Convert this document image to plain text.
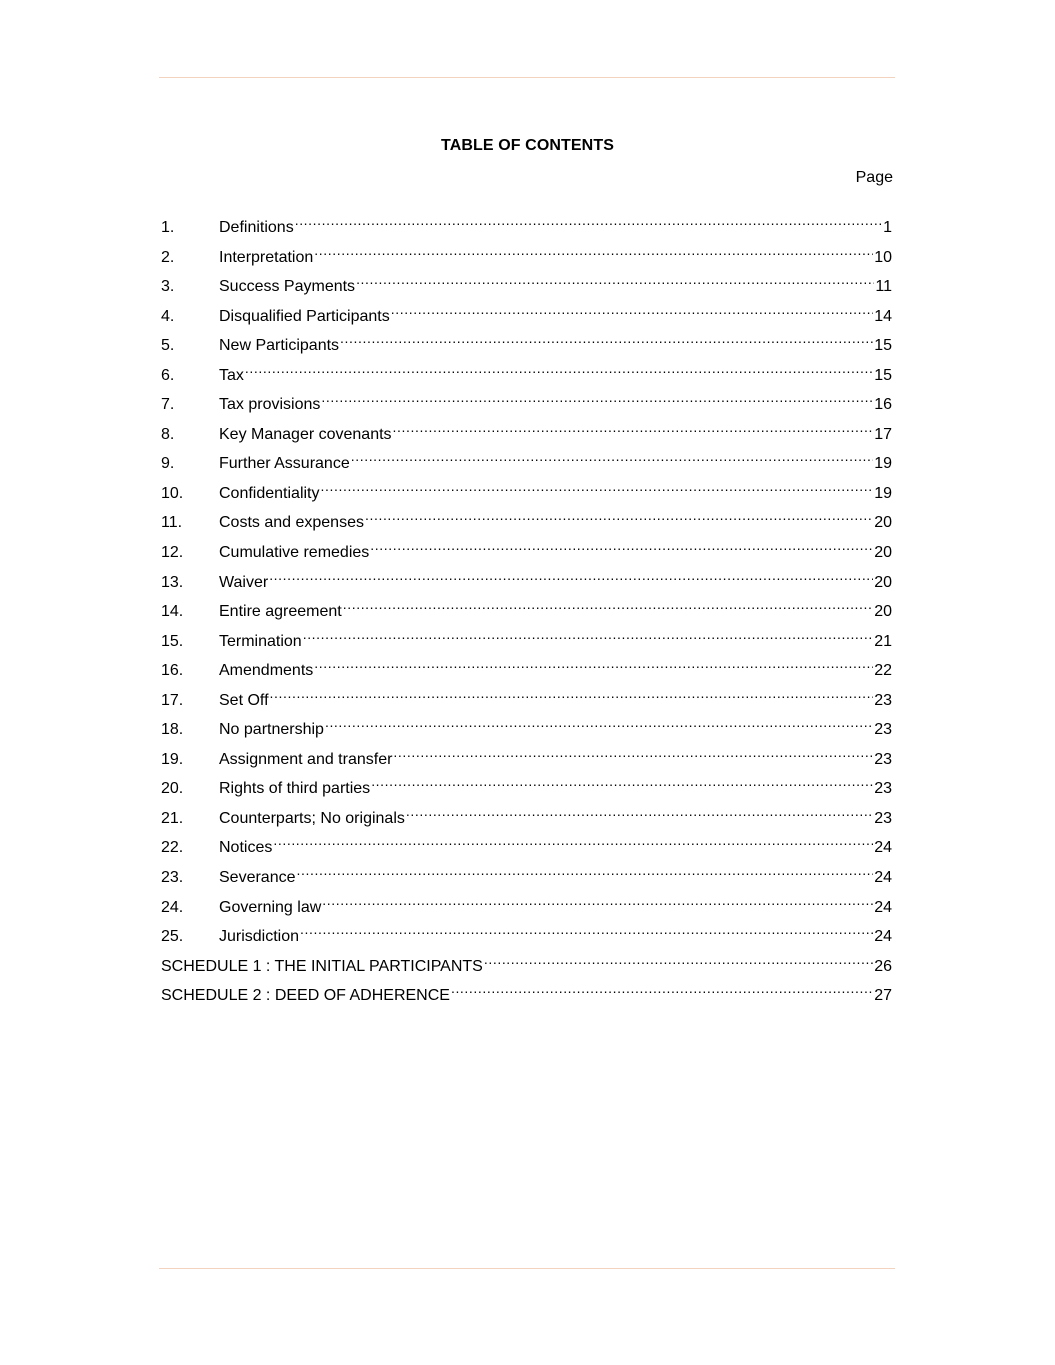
TABLE OF CONTENTS
Page
1.	Definitions .....	1
2.	Interpretation .....	10
3.	Success Payments .....	11
4.	Disqualified Participants .....	14
5.	New Participants .....	15
6.	Tax .....	15
7.	Tax provisions .....	16
8.	Key Manager covenants .....	17
9.	Further Assurance .....	19
10.	Confidentiality .....	19
11.	Costs and expenses .....	20
12.	Cumulative remedies .....	20
13.	Waiver .....	20
14.	Entire agreement .....	20
15.	Termination .....	21
16.	Amendments .....	22
17.	Set Off .....	23
18.	No partnership .....	23
19.	Assignment and transfer .....	23
20.	Rights of third parties .....	23
21.	Counterparts; No originals .....	23
22.	Notices .....	24
23.	Severance .....	24
24.	Governing law .....	24
25.	Jurisdiction .....	24
SCHEDULE 1 : THE INITIAL PARTICIPANTS .....	26
SCHEDULE 2 : DEED OF ADHERENCE .....	27
